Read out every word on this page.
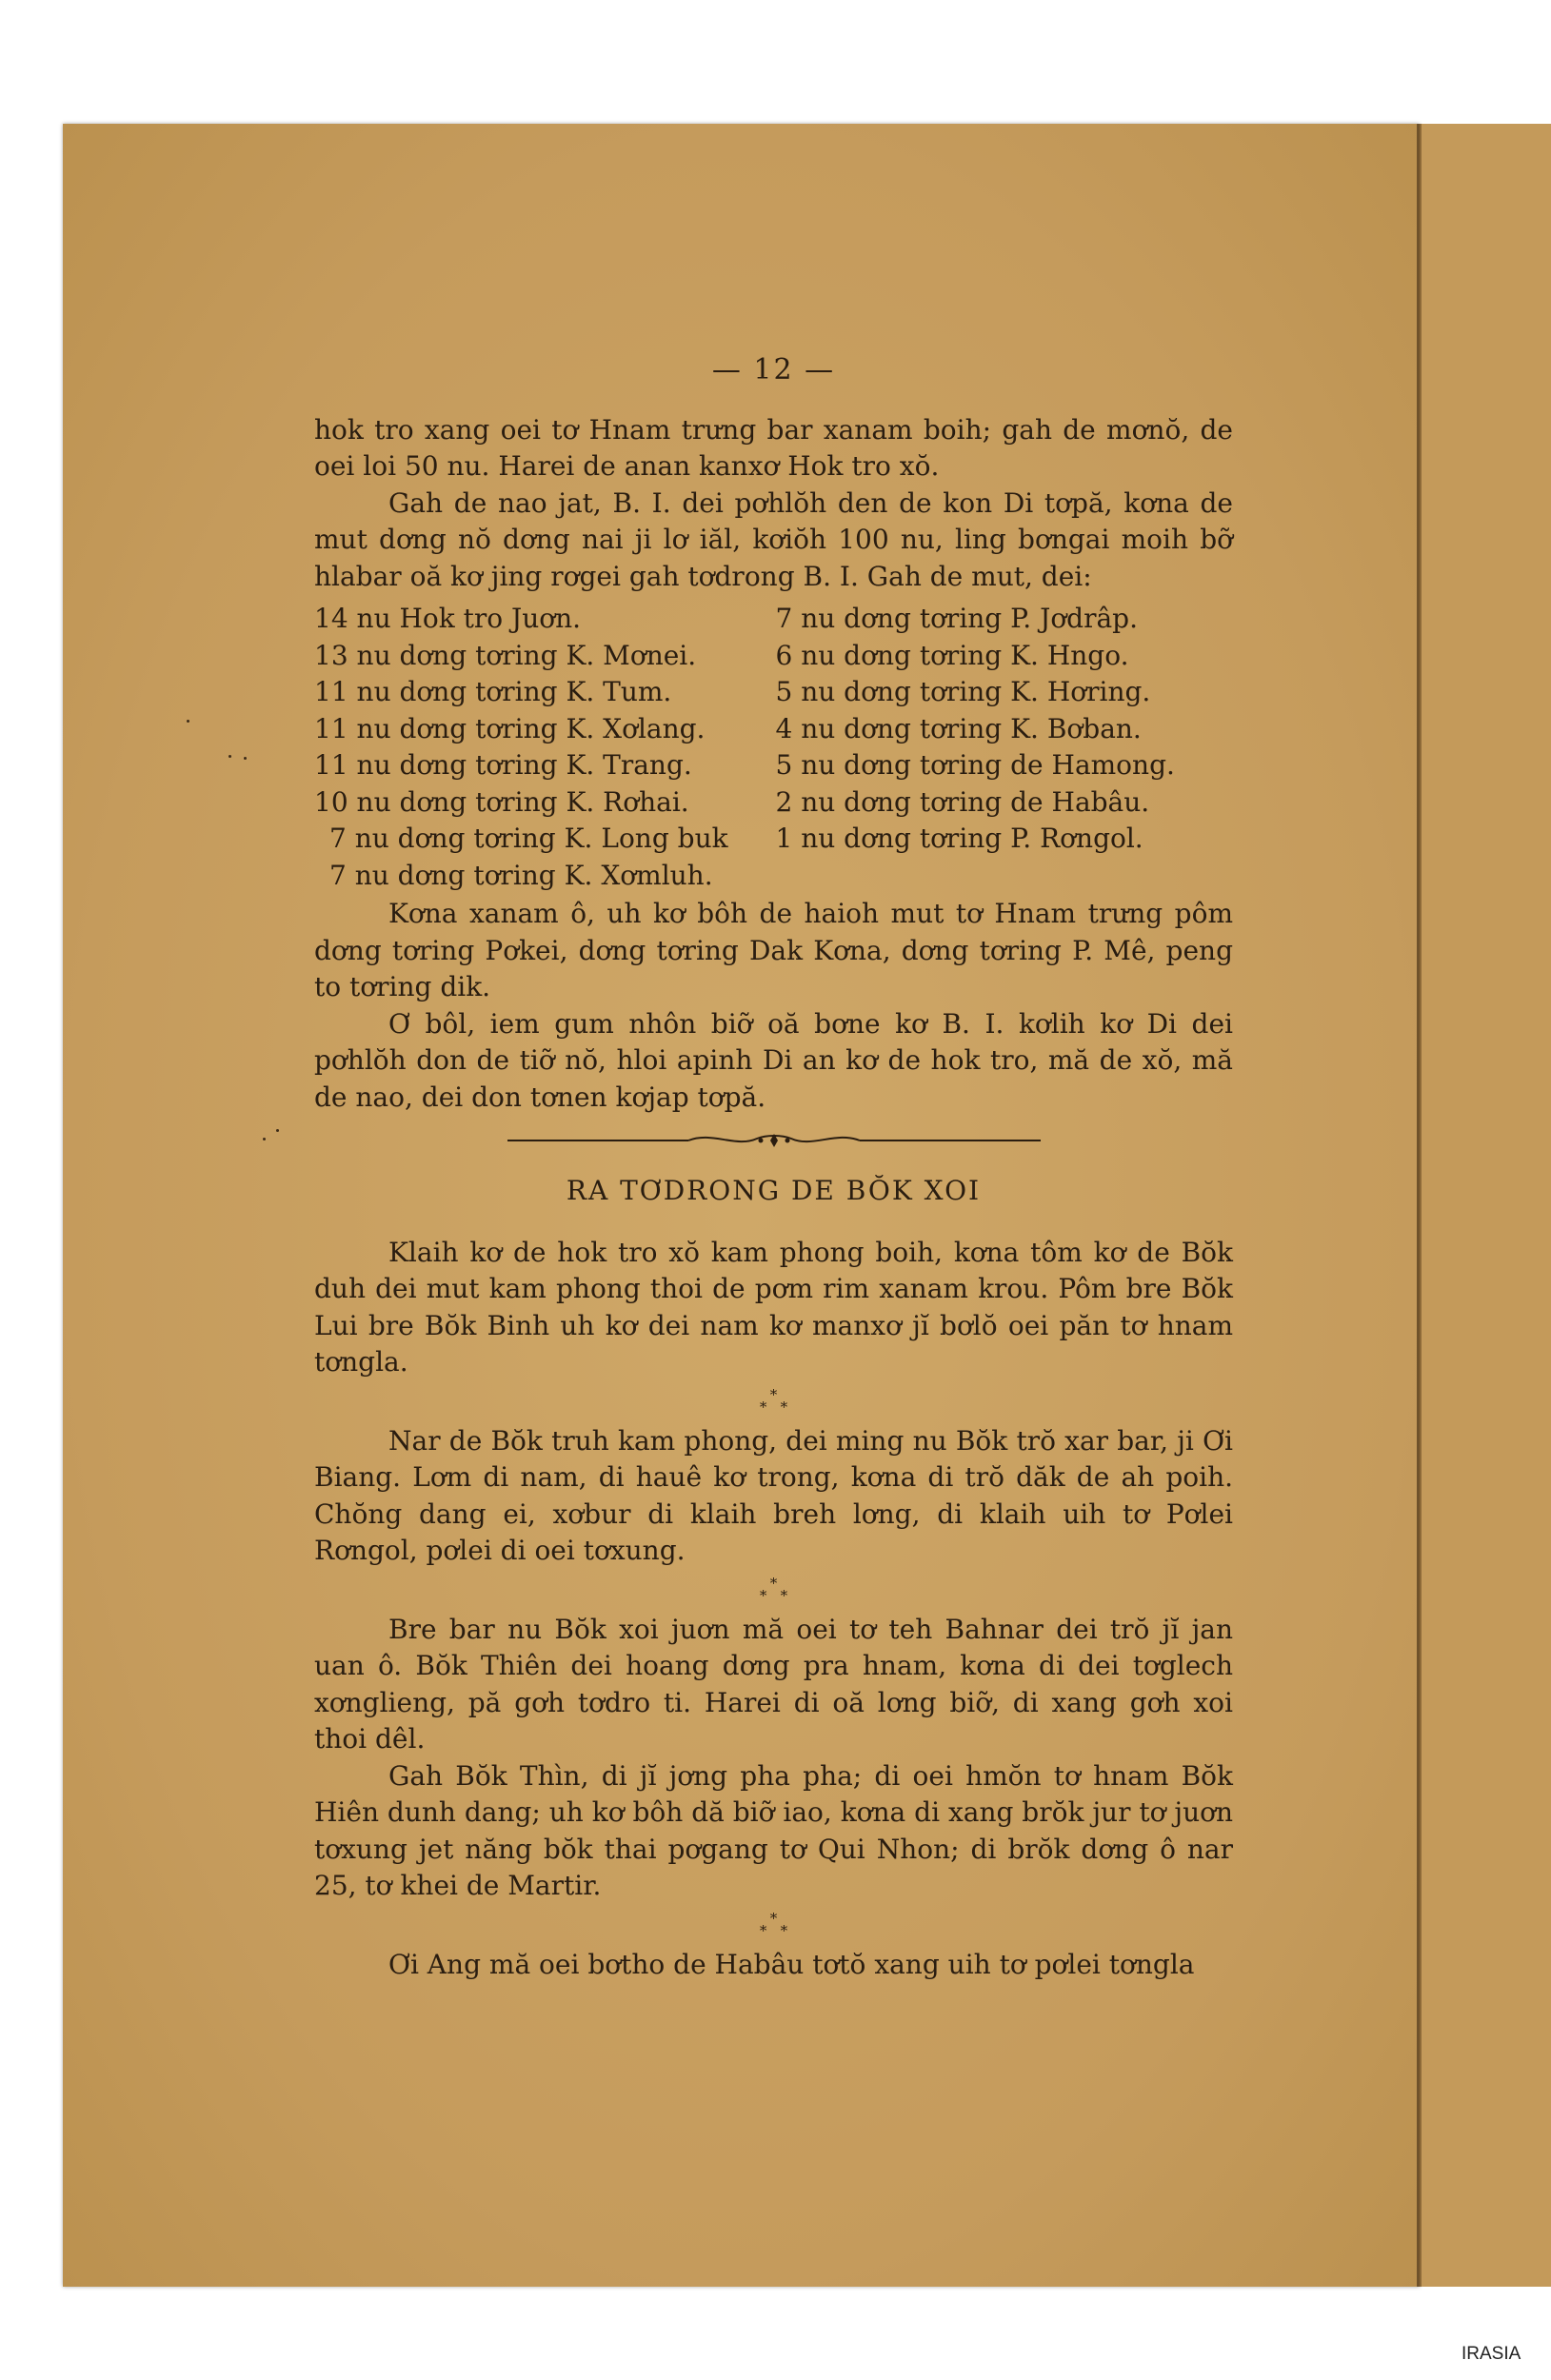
— 12 —

hok tro xang oei tơ Hnam trưng bar xanam boih; gah de mơnŏ, de oei loi 50 nu. Harei de anan kanxơ Hok tro xŏ.

Gah de nao jat, B. I. dei pơhlŏh den de kon Di tơpă, kơna de mut dơng nŏ dơng nai ji lơ iăl, kơiŏh 100 nu, ling bơngai moih bỡ hlabar oă kơ jing rơgei gah tơdrong B. I. Gah de mut, dei:

14 nu Hok tro Juơn.
13 nu dơng tơring K. Mơnei.
11 nu dơng tơring K. Tum.
11 nu dơng tơring K. Xơlang.
11 nu dơng tơring K. Trang.
10 nu dơng tơring K. Rơhai.
7 nu dơng tơring K. Long buk
7 nu dơng tơring K. Xơmluh.
7 nu dơng tơring P. Jơdrâp.
6 nu dơng tơring K. Hngo.
5 nu dơng tơring K. Hơring.
4 nu dơng tơring K. Bơban.
5 nu dơng tơring de Hamong.
2 nu dơng tơring de Habâu.
1 nu dơng tơring P. Rơngol.

Kơna xanam ô, uh kơ bôh de haioh mut tơ Hnam trưng pôm dơng tơring Pơkei, dơng tơring Dak Kơna, dơng tơring P. Mê, peng to tơring dik.

Ơ bôl, iem gum nhôn biỡ oă bơne kơ B. I. kơlih kơ Di dei pơhlŏh don de tiỡ nŏ, hloi apinh Di an kơ de hok tro, mă de xŏ, mă de nao, dei don tơnen kơjap tơpă.

RA TƠDRONG DE BŎK XOI

Klaih kơ de hok tro xŏ kam phong boih, kơna tôm kơ de Bŏk duh dei mut kam phong thoi de pơm rim xanam krou. Pôm bre Bŏk Lui bre Bŏk Binh uh kơ dei nam kơ manxơ jĭ bơlŏ oei păn tơ hnam tơngla.

*
*   *

Nar de Bŏk truh kam phong, dei ming nu Bŏk trŏ xar bar, ji Ơi Biang. Lơm di nam, di hauê kơ trong, kơna di trŏ dăk de ah poih. Chŏng dang ei, xơbur di klaih breh lơng, di klaih uih tơ Pơlei Rơngol, pơlei di oei tơxung.

*
*   *

Bre bar nu Bŏk xoi juơn mă oei tơ teh Bahnar dei trŏ jĭ jan uan ô. Bŏk Thiên dei hoang dơng pra hnam, kơna di dei tơglech xơnglieng, pă gơh tơdro ti. Harei di oă lơng biỡ, di xang gơh xoi thoi dêl.

Gah Bŏk Thìn, di jĭ jơng pha pha; di oei hmŏn tơ hnam Bŏk Hiên dunh dang; uh kơ bôh dă biỡ iao, kơna di xang brŏk jur tơ juơn tơxung jet năng bŏk thai pơgang tơ Qui Nhon; di brŏk dơng ô nar 25, tơ khei de Martir.

*
*   *

Ơi Ang mă oei bơtho de Habâu tơtŏ xang uih tơ pơlei tơngla

IRASIA
